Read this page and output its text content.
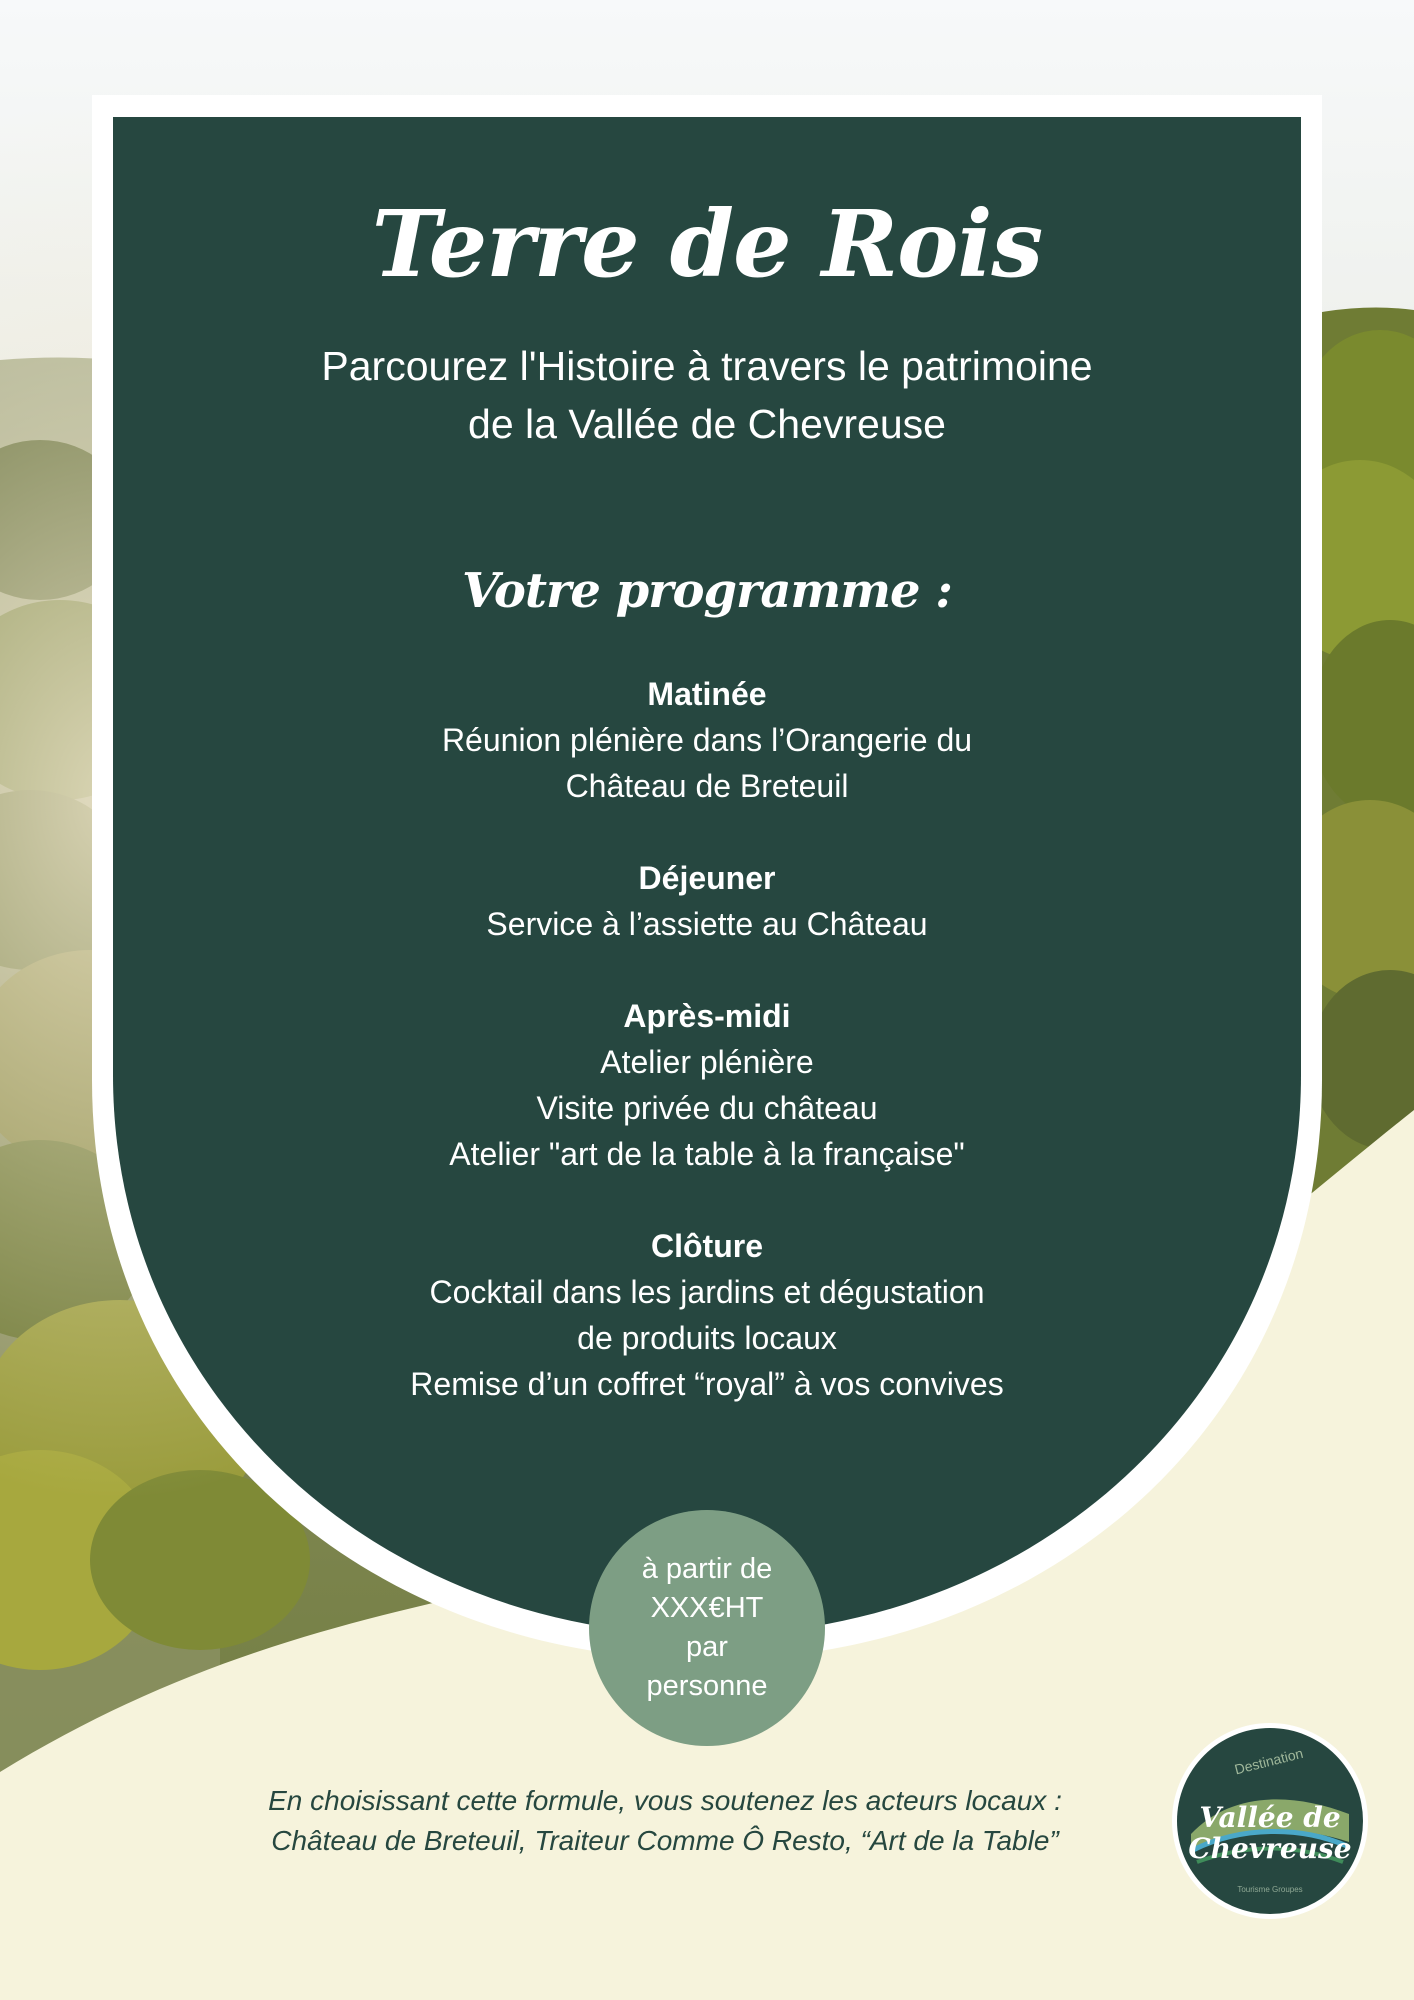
Terre de Rois
Parcourez l'Histoire à travers le patrimoine
de la Vallée de Chevreuse
Votre programme :
Matinée
Réunion plénière dans l’Orangerie du
Château de Breteuil
Déjeuner
Service à l’assiette au Château
Après-midi
Atelier plénière
Visite privée du château
Atelier "art de la table à la française"
Clôture
Cocktail dans les jardins et dégustation
de produits locaux
Remise d’un coffret “royal” à vos convives
à partir de
XXX€HT
par
personne
En choisissant cette formule, vous soutenez les acteurs locaux :
Château de Breteuil, Traiteur Comme Ô Resto, “Art de la Table”
Destination
Vallée de
Chevreuse
Tourisme Groupes
